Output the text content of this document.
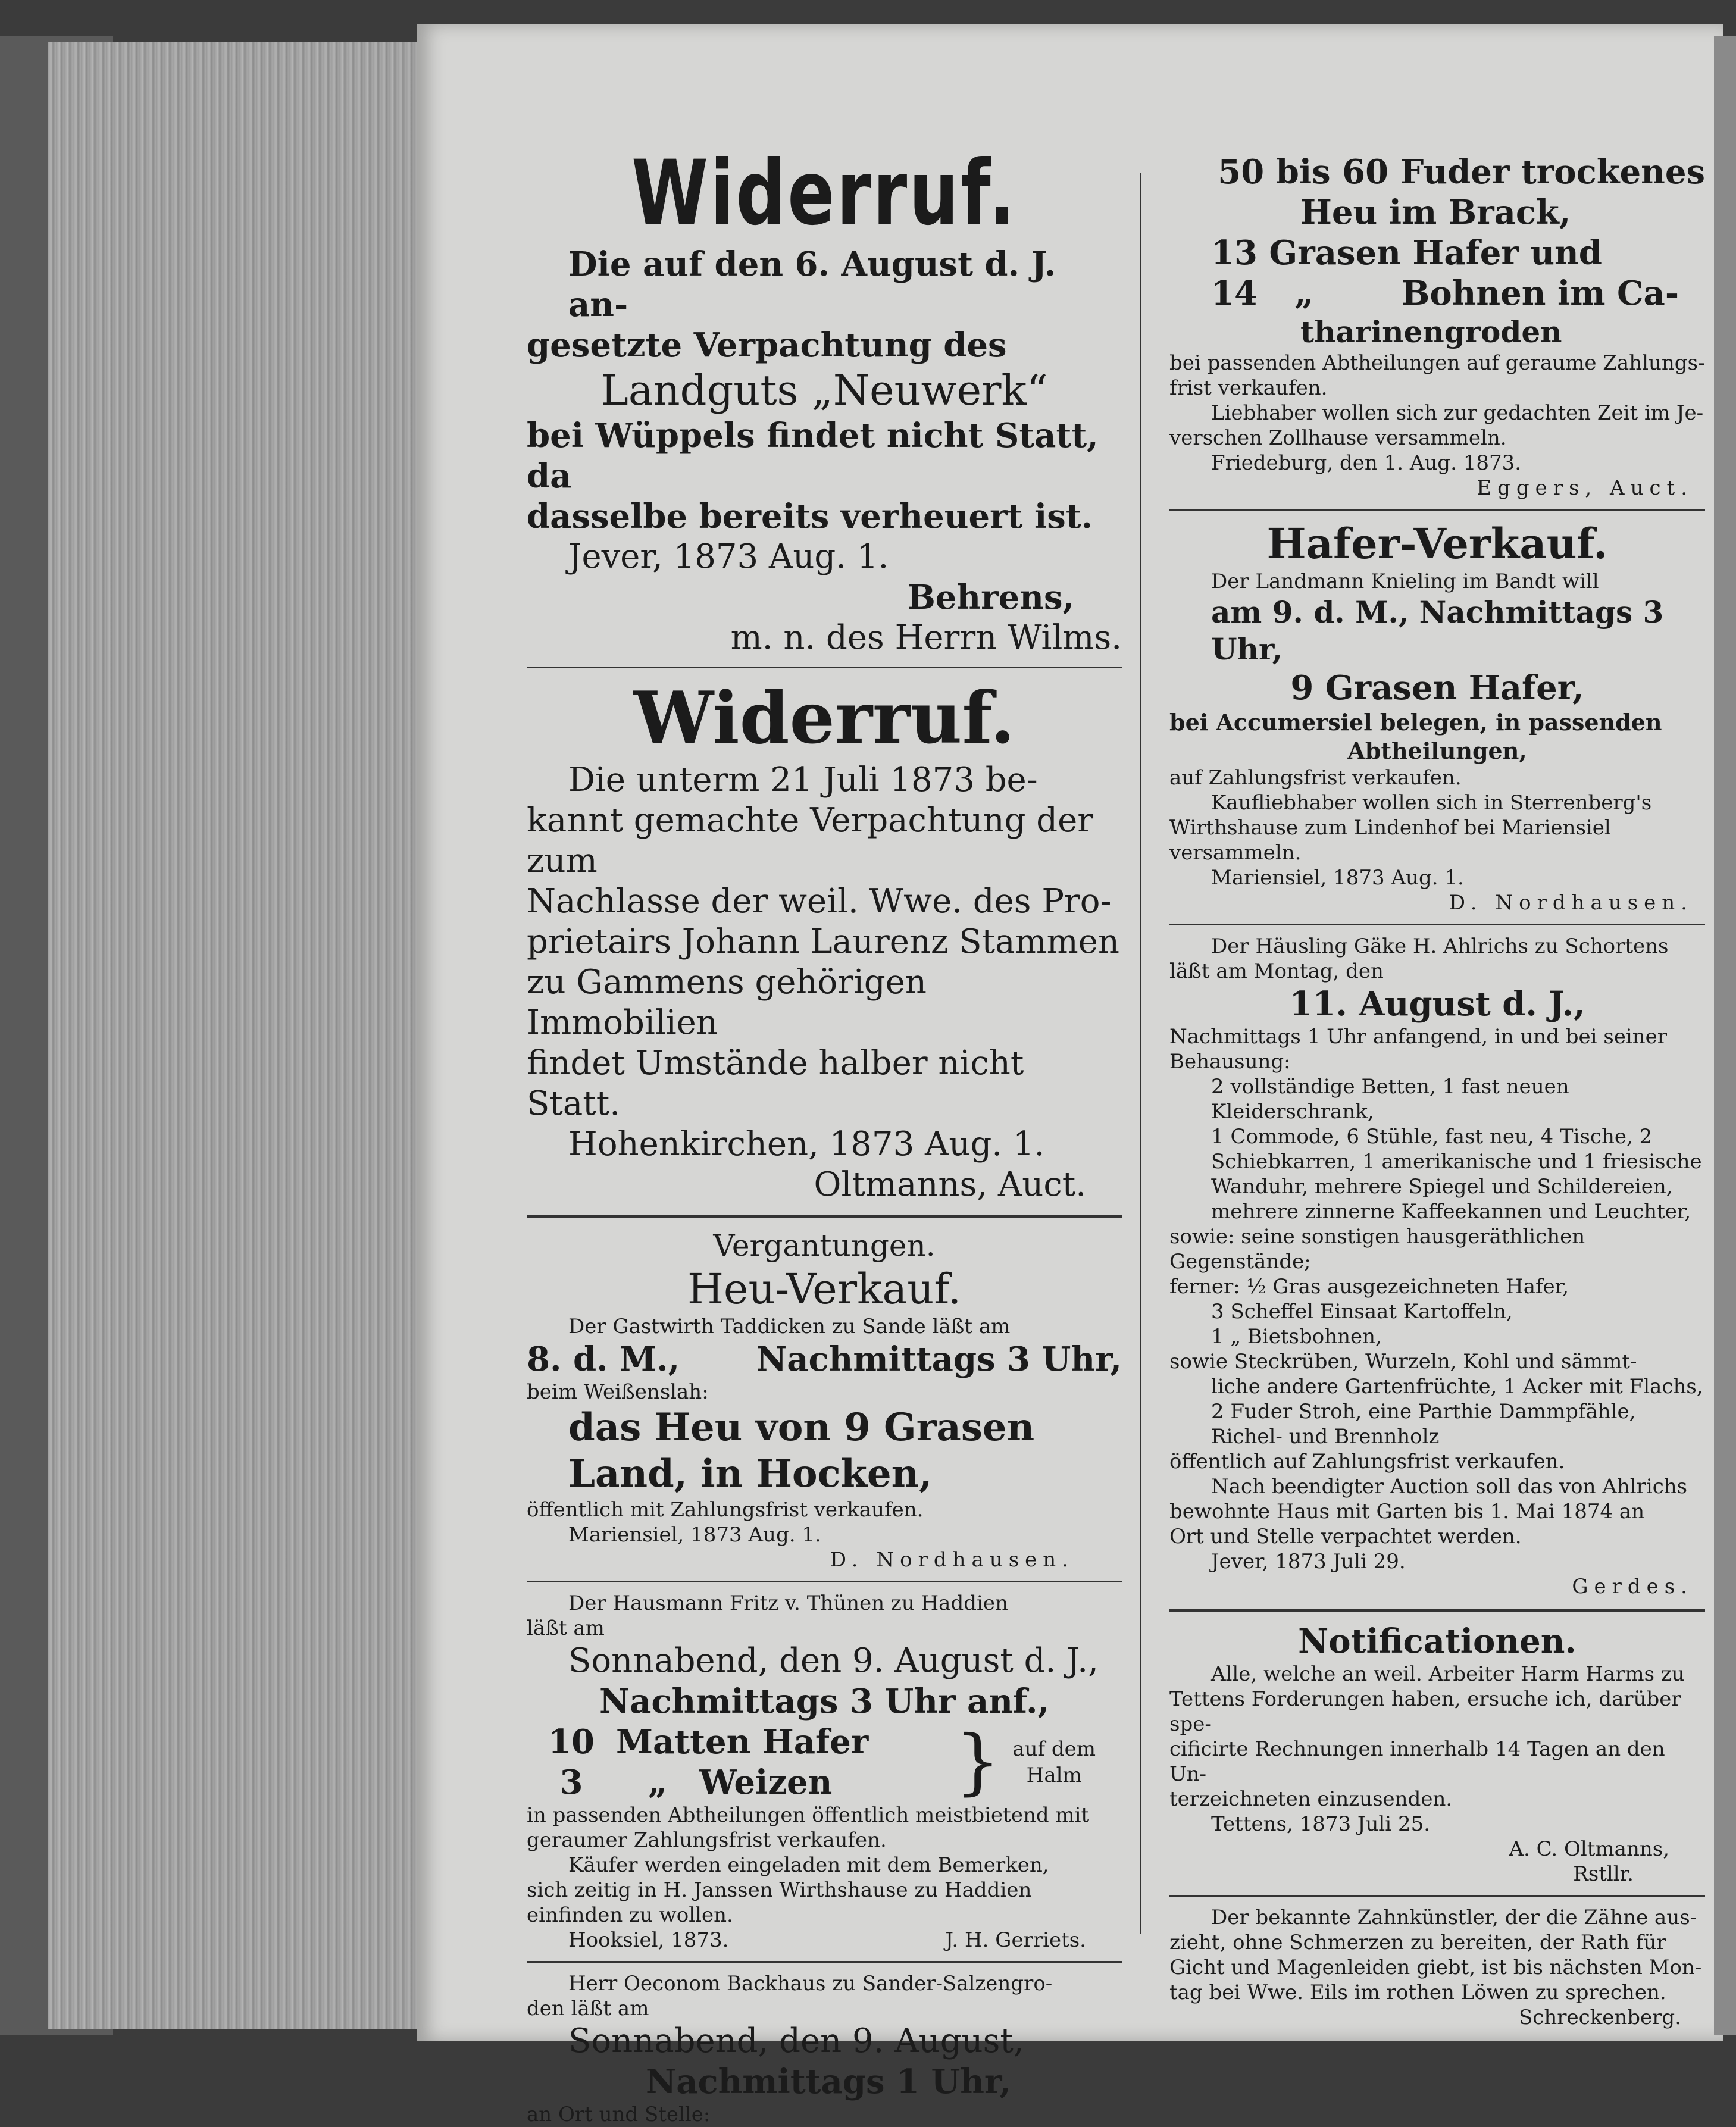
Widerruf.
Die auf den 6. August d. J. an-
gesetzte Verpachtung des
Landguts „Neuwerk“
bei Wüppels findet nicht Statt, da
dasselbe bereits verheuert ist.
Jever, 1873 Aug. 1.
Behrens,
m. n. des Herrn Wilms.
Widerruf.
Die unterm 21 Juli 1873 be-
kannt gemachte Verpachtung der zum
Nachlasse der weil. Wwe. des Pro-
prietairs Johann Laurenz Stammen
zu Gammens gehörigen Immobilien
findet Umstände halber nicht Statt.
Hohenkirchen, 1873 Aug. 1.
Oltmanns, Auct.
Vergantungen.
Heu-Verkauf.
Der Gastwirth Taddicken zu Sande läßt am
8. d. M., Nachmittags 3 Uhr,
beim Weißenslah:
das Heu von 9 Grasen
Land, in Hocken,
öffentlich mit Zahlungsfrist verkaufen.
Mariensiel, 1873 Aug. 1.
D. Nordhausen.
Der Hausmann Fritz v. Thünen zu Haddien
läßt am
Sonnabend, den 9. August d. J.,
Nachmittags 3 Uhr anf.,
10 Matten Hafer
3	„ Weizen } auf dem
Halm
in passenden Abtheilungen öffentlich meistbietend mit
geraumer Zahlungsfrist verkaufen.
Käufer werden eingeladen mit dem Bemerken,
sich zeitig in H. Janssen Wirthshause zu Haddien
einfinden zu wollen.
Hooksiel, 1873.	J. H. Gerriets.
Herr Oeconom Backhaus zu Sander-Salzengro-
den läßt am
Sonnabend, den 9. August,
Nachmittags 1 Uhr,
an Ort und Stelle:
50 bis 60 Fuder trockenes
Heu im Brack,
13 Grasen Hafer und
14	„	Bohnen im Ca-
tharinengroden
bei passenden Abtheilungen auf geraume Zahlungs-
frist verkaufen.
Liebhaber wollen sich zur gedachten Zeit im Je-
verschen Zollhause versammeln.
Friedeburg, den 1. Aug. 1873.
Eggers, Auct.
Hafer-Verkauf.
Der Landmann Knieling im Bandt will
am 9. d. M., Nachmittags 3 Uhr,
9 Grasen Hafer,
bei Accumersiel belegen, in passenden
Abtheilungen,
auf Zahlungsfrist verkaufen.
Kaufliebhaber wollen sich in Sterrenberg's
Wirthshause zum Lindenhof bei Mariensiel versammeln.
Mariensiel, 1873 Aug. 1.
D. Nordhausen.
Der Häusling Gäke H. Ahlrichs zu Schortens
läßt am Montag, den
11. August d. J.,
Nachmittags 1 Uhr anfangend, in und bei seiner
Behausung:
2 vollständige Betten, 1 fast neuen Kleiderschrank,
1 Commode, 6 Stühle, fast neu, 4 Tische, 2
Schiebkarren, 1 amerikanische und 1 friesische
Wanduhr, mehrere Spiegel und Schildereien,
mehrere zinnerne Kaffeekannen und Leuchter,
sowie: seine sonstigen hausgeräthlichen Gegenstände;
ferner: ½ Gras ausgezeichneten Hafer,
3 Scheffel Einsaat Kartoffeln,
1 „ Bietsbohnen,
sowie Steckrüben, Wurzeln, Kohl und sämmt-
liche andere Gartenfrüchte, 1 Acker mit Flachs,
2 Fuder Stroh, eine Parthie Dammpfähle,
Richel- und Brennholz
öffentlich auf Zahlungsfrist verkaufen.
Nach beendigter Auction soll das von Ahlrichs
bewohnte Haus mit Garten bis 1. Mai 1874 an
Ort und Stelle verpachtet werden.
Jever, 1873 Juli 29.
Gerdes.
Notificationen.
Alle, welche an weil. Arbeiter Harm Harms zu
Tettens Forderungen haben, ersuche ich, darüber spe-
cificirte Rechnungen innerhalb 14 Tagen an den Un-
terzeichneten einzusenden.
Tettens, 1873 Juli 25.
A. C. Oltmanns,
Rstllr.
Der bekannte Zahnkünstler, der die Zähne aus-
zieht, ohne Schmerzen zu bereiten, der Rath für
Gicht und Magenleiden giebt, ist bis nächsten Mon-
tag bei Wwe. Eils im rothen Löwen zu sprechen.
Schreckenberg.
